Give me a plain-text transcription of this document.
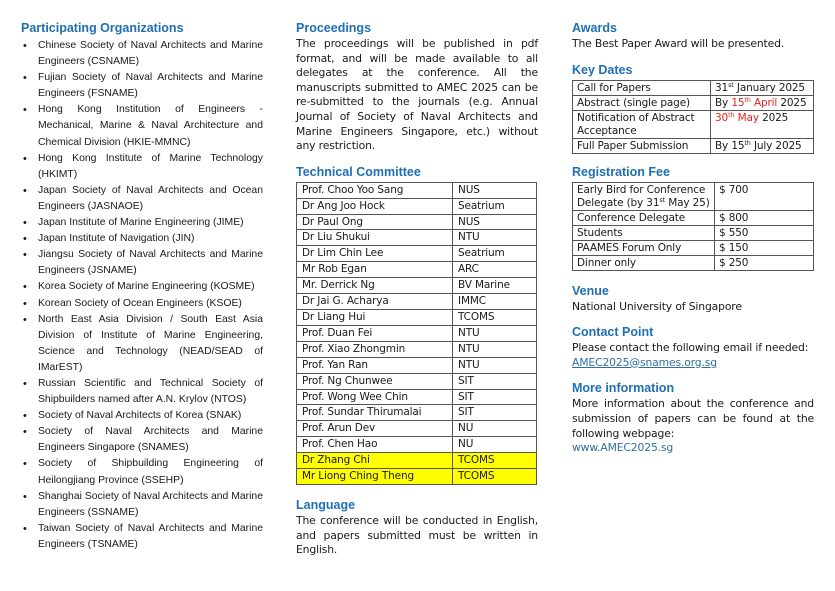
Participating Organizations
• Chinese Society of Naval Architects and Marine Engineers (CSNAME)
• Fujian Society of Naval Architects and Marine Engineers (FSNAME)
• Hong Kong Institution of Engineers - Mechanical, Marine & Naval Architecture and Chemical Division (HKIE-MMNC)
• Hong Kong Institute of Marine Technology (HKIMT)
• Japan Society of Naval Architects and Ocean Engineers (JASNAOE)
• Japan Institute of Marine Engineering (JIME)
• Japan Institute of Navigation (JIN)
• Jiangsu Society of Naval Architects and Marine Engineers (JSNAME)
• Korea Society of Marine Engineering (KOSME)
• Korean Society of Ocean Engineers (KSOE)
• North East Asia Division / South East Asia Division of Institute of Marine Engineering, Science and Technology (NEAD/SEAD of IMarEST)
• Russian Scientific and Technical Society of Shipbuilders named after A.N. Krylov (NTOS)
• Society of Naval Architects of Korea (SNAK)
• Society of Naval Architects and Marine Engineers Singapore (SNAMES)
• Society of Shipbuilding Engineering of Heilongjiang Province (SSEHP)
• Shanghai Society of Naval Architects and Marine Engineers (SSNAME)
• Taiwan Society of Naval Architects and Marine Engineers (TSNAME)
Proceedings

The proceedings will be published in pdf format, and will be made available to all delegates at the conference. All the manuscripts submitted to AMEC 2025 can be re-submitted to the journals (e.g. Annual Journal of Society of Naval Architects and Marine Engineers Singapore, etc.) without any restriction.

Technical Committee
Prof. Choo Yoo Sang	NUS
Dr Ang Joo Hock	Seatrium
Dr Paul Ong	NUS
Dr Liu Shukui	NTU
Dr Lim Chin Lee	Seatrium
Mr Rob Egan	ARC
Mr. Derrick Ng	BV Marine
Dr Jai G. Acharya	IMMC
Dr Liang Hui	TCOMS
Prof. Duan Fei	NTU
Prof. Xiao Zhongmin	NTU
Prof. Yan Ran	NTU
Prof. Ng Chunwee	SIT
Prof. Wong Wee Chin	SIT
Prof. Sundar Thirumalai	SIT
Prof. Arun Dev	NU
Prof. Chen Hao	NU
Dr Zhang Chi	TCOMS
Mr Liong Ching Theng	TCOMS
Language

The conference will be conducted in English, and papers submitted must be written in English.

Awards

The Best Paper Award will be presented.

Key Dates
Call for Papers	31st January 2025
Abstract (single page)	By 15th April 2025
Notification of Abstract Acceptance	30th May 2025
Full Paper Submission	By 15th July 2025
Registration Fee
Early Bird for Conference Delegate (by 31st May 25)	$ 700
Conference Delegate	$ 800
Students	$ 550
PAAMES Forum Only	$ 150
Dinner only	$ 250
Venue

National University of Singapore

Contact Point

Please contact the following email if needed:

AMEC2025@snames.org.sg

More information

More information about the conference and submission of papers can be found at the following webpage:

www.AMEC2025.sg
